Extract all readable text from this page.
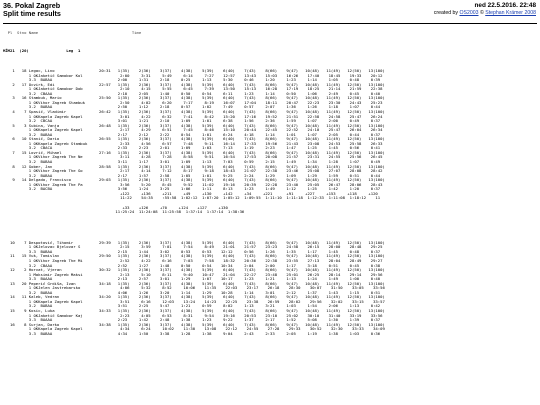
36. Pokal Zagreb
Split time results
ned 22.5.2016. 22:48
created by OS2003 © Stephan Krämer 2008
Pl  Stno Name                                        Time
MŽM21  (20)                Leg  1

1   18 Legac, Lino                   20:31   1(35)    2(36)    3(37)    4(38)    5(39)    6(40)    7(43)    8(66)    9(47)   10(48)   11(49)   12(50)   13(100)
1 OKJaketić Samobor Kol                2:00     3:31     5:49     6:14     7:27    12:57    13:43    15:03    16:26    17:40    18:45    19:33    20:12
3.3  BABAA                            2:00     1:31     2:18     0:25     1:13     5:30     0:46     1:20     1:23     1:14     1:05     0:48     0:39
2   17 Ocvirk, Edi                   22:57   1(35)    2(36)    3(37)    4(38)    5(39)    6(40)    7(43)    8(66)    9(47)   10(48)   11(49)   12(50)   13(100)
1 OKJaketić Samobor Dob                2:10     4:15     5:55     6:45     7:39    13:50    15:13    16:28    17:19    18:25    21:14    21:59    22:38
3.2  CBAAA                            2:10     2:05     1:40     0:50     0:54     6:11     1:23     1:14     0:50     1:06     2:49     0:45     0:40
3   16 Stambuk, Mario                25:50   1(35)    2(36)    3(37)    4(38)    5(39)    6(40)    7(43)    8(66)    9(47)   10(48)   11(49)   12(50)   13(100)
1 OKVihor Zagreb Stambuk               2:50     4:02     6:20     7:17     8:19    16:07    17:04    18:11    20:47    22:23    23:30    24:43    25:23
3.2  BABAA                            2:50     1:12     2:18     0:57     1:02     7:49     0:57     2:07     1:36     1:26     1:18     1:07     0:44
4    7 Spasić, Vladimir              26:42   1(35)    2(36)    3(37)    4(38)    5(39)    6(40)    7(43)    8(66)    9(47)   10(48)   11(49)   12(50)   13(100)
1 OKKapela Zagreb Kapel                3:01     4:22     6:32     7:41     8:42    15:20    17:16    19:52    21:51    22:58    24:58    25:47    26:24
3.2  CBCAA                            3:01     1:21     2:10     1:09     1:01     6:38     1:56     2:36     1:59     1:07     2:00     0:49     0:37
5    3 Subina, Vanja                 26:48   1(35)    2(36)    3(37)    4(38)    5(39)    6(40)    7(43)    8(66)    9(47)   10(48)   11(49)   12(50)   13(100)
1 OKKapela Zagreb Kapel                2:17     4:29     6:51     7:45     8:46    15:10    20:44    22:45    22:52    24:10    25:47    26:04    26:34
3.2  BABAA                            2:17     2:12     2:22     0:54     1:01     6:24     4:18     1:14     1:01     1:07     2:05     0:44     0:37
6   10 Stanić, Dario                 26:55   1(35)    2(36)    3(37)    4(38)    5(39)    6(40)    7(43)    8(66)    9(47)   10(48)   11(49)   12(50)   13(100)
1 OKKapela Zagreb Stambuk              2:33     4:56     6:57     7:48     9:11    16:14    17:33    19:56    21:43    23:08    24:53    25:58    26:33
3.2  CBACA                            2:33     2:23     2:01     1:09     1:03     7:13     1:19     2:23     1:47     1:25     1:45     0:56     0:41
7   15 Lovrić, Mihael                27:16   1(35)    2(36)    3(37)    4(38)    5(39)    6(40)    7(43)    8(66)    9(47)   10(48)   11(49)   12(50)   13(100)
1 OKVihor Zagreb The Ne                3:11     4:28     7:28     8:58     9:51    16:54    17:53    20:08    21:57    23:31    24:55    25:56    26:45
3.2  BABAA                            3:11     1:17     3:01     1:09     1:13     7:03     0:59     2:15     1:49     1:34     1:28     1:07     0:49
8   12 Gober, Jan                    28:58   1(35)    2(36)    3(37)    4(38)    5(39)    6(40)    7(43)    8(66)    9(47)   10(48)   11(49)   12(50)   13(100)
1 OKVihor Zagreb The Go                2:17     4:14     7:12     8:17     9:18    18:43    21:07    22:38    23:46    25:08    27:07    28:08    28:42
3.2  BABAA                            2:17     1:57     2:58     1:05     1:01     9:25     2:24     1:29     1:09     1:29     1:59     0:51     0:44
9   14 Delgado, Francisco            29:03   1(35)    2(36)    3(37)    4(38)    5(39)    6(40)    7(43)    8(66)    9(47)   10(48)   11(49)   12(50)   13(100)
1 OKVihor Zagreb The Pa                3:56     5:20     8:45     9:52    11:02    19:16    20:39    22:28    23:40    25:05    26:47    28:06    28:43
3.2  BACBA                            3:56     1:24     3:25     1:06     1:11     8:13     1:23     1:49     1:12     1:25     1:42     1:20     0:37
+122     +136     +211     +49     +130     +142     +34     +221      +91     +227     +153     +118     +120
11:22    54:35    :55:58  1:02:12  1:07:20  1:05:12  1:09:55  1:11:10  1:11:18  1:12:33  1:11:08  1:18:12    11

+33    +126     +70     +124    +127     +130
11:25:24  11:24:08  11:25:58  1:37:14  1:37:14  1:38:36

10    7 Despotović, Tihomir           29:39   1(35)    2(36)    3(37)    4(38)    5(39)    6(40)    7(43)    8(66)    9(47)   10(48)   11(49)   12(50)   13(100)
1 OKJelovac Bjelovar S                 2:15     3:59     7:01     7:54     8:49    21:01    21:57    23:23    24:58    26:15    28:00    28:48    29:25
3.3  BABAA                            2:15     1:44     3:02     0:53     0:53    12:12     0:56     1:26     1:35     1:17     1:45     0:48     0:37
11   15 Vuk, Tomislav                 29:50   1(35)    2(36)    3(37)    4(38)    5(39)    6(40)    7(43)    8(66)    9(47)   10(48)   11(49)   12(50)   13(100)
1 OKVihor Zagreb The Mi                2:52     4:22     6:16     7:03     7:58    18:32    20:36    22:38    23:55    27:13    28:04    28:49    29:27
3.2  CBAAA                            2:52     1:27     1:48     0:50     0:54    10:34     2:04     2:00     1:17     3:18     0:51     0:45     0:38
12    2 Horvat, Vjeran                30:32   1(35)    2(36)    3(37)    4(38)    5(39)    6(40)    7(43)    8(66)    9(47)   10(48)   11(49)   12(50)   13(100)
1 Maksimir Zagreb Maksi                2:13     5:10     8:11     9:40    10:47    21:04    22:27    23:48    25:01    26:25    28:14    29:14    29:56
3.3  BAAAA                            2:13     2:57     3:01     1:29     1:07    10:17     1:23     1:21     1:13     1:24     1:49     1:00     0:40
13   20 Peperić Grdiša, Ivan          34:18   1(35)    2(36)    3(37)    4(38)    5(39)    6(40)    7(43)    8(66)    9(47)   10(48)   11(49)   12(50)   13(100)
1 OKJelen Jastrebarsko                 4:06     5:32     8:52     10:06    11:35    22:03    23:17    26:18    28:30    30:07    31:50    33:05    33:56
3.2  BABAA                            4:06     1:26     3:20     1:14     1:29    10:28     1:14     3:01     2:12     1:37     1:43     1:15     0:51
14   11 Kaleb, Vedran                 34:20   1(35)    2(36)    3(37)    4(38)    5(39)    6(40)    7(43)    8(66)    9(47)   10(48)   11(49)   12(50)   13(100)
1 OKKapela Zagreb Kapel                3:51     6:16     12:03    13:24    14:23    22:25    23:38    26:59    28:02    29:56    32:02    33:15    33:57
3.2  BABAA                            3:51     2:25     5:47     1:21     0:59     8:02     1:13     3:21     1:03     1:54     2:06     1:13     0:42
15    9 Kosic, Luka                   34:33   1(35)    2(36)    3(37)    4(38)    5(39)    6(40)    7(43)    8(66)    9(47)   10(48)   11(49)   12(50)   13(100)
1 OKJaketić Samobor Kaj                2:23     4:05     6:53     8:31     9:54    19:16    20:53    23:10    25:02    30:10    31:40    33:19    33:56
3.3  BAAAA                            2:23     1:42     2:48     1:38     1:23     9:22     1:37     2:17     1:52     5:08     1:30     1:39     0:37
16    8 Surjan, Darko                 34:38   1(35)    2(36)    3(37)    4(38)    5(39)    6(40)    7(43)    8(66)    9(47)   10(48)   11(49)   12(50)   13(100)
1 OKKapela Zagreb Kapel                4:34     6:24     10:02    11:30    13:08    22:12    24:55    27:28    29:33    30:52    32:30    33:33    34:09
3.3  BABAA                            4:34     1:50     3:38     1:28     1:38     9:04     2:43     2:33     2:05     1:19     1:38     1:03     0:36
